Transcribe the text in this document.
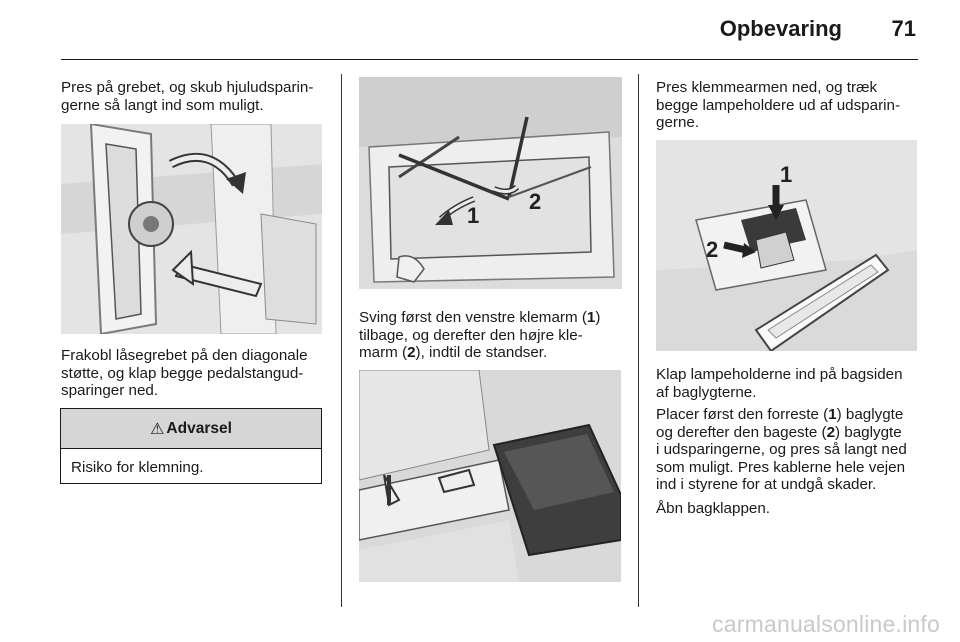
Opbevaring 71
Pres på grebet, og skub hjuludsparin-
gerne så langt ind som muligt.
Frakobl låsegrebet på den diagonale
støtte, og klap begge pedalstangud-
sparinger ned.
⚠ Advarsel
Risiko for klemning.
1
2
Sving først den venstre klemarm (1)
tilbage, og derefter den højre kle-
marm (2), indtil de standser.
Pres klemmearmen ned, og træk
begge lampeholdere ud af udsparin-
gerne.
1
2
Klap lampeholderne ind på bagsiden
af baglygterne.
Placer først den forreste (1) baglygte
og derefter den bageste (2) baglygte
i udsparingerne, og pres så langt ned
som muligt. Pres kablerne hele vejen
ind i styrene for at undgå skader.
Åbn bagklappen.
carmanualsonline.info
